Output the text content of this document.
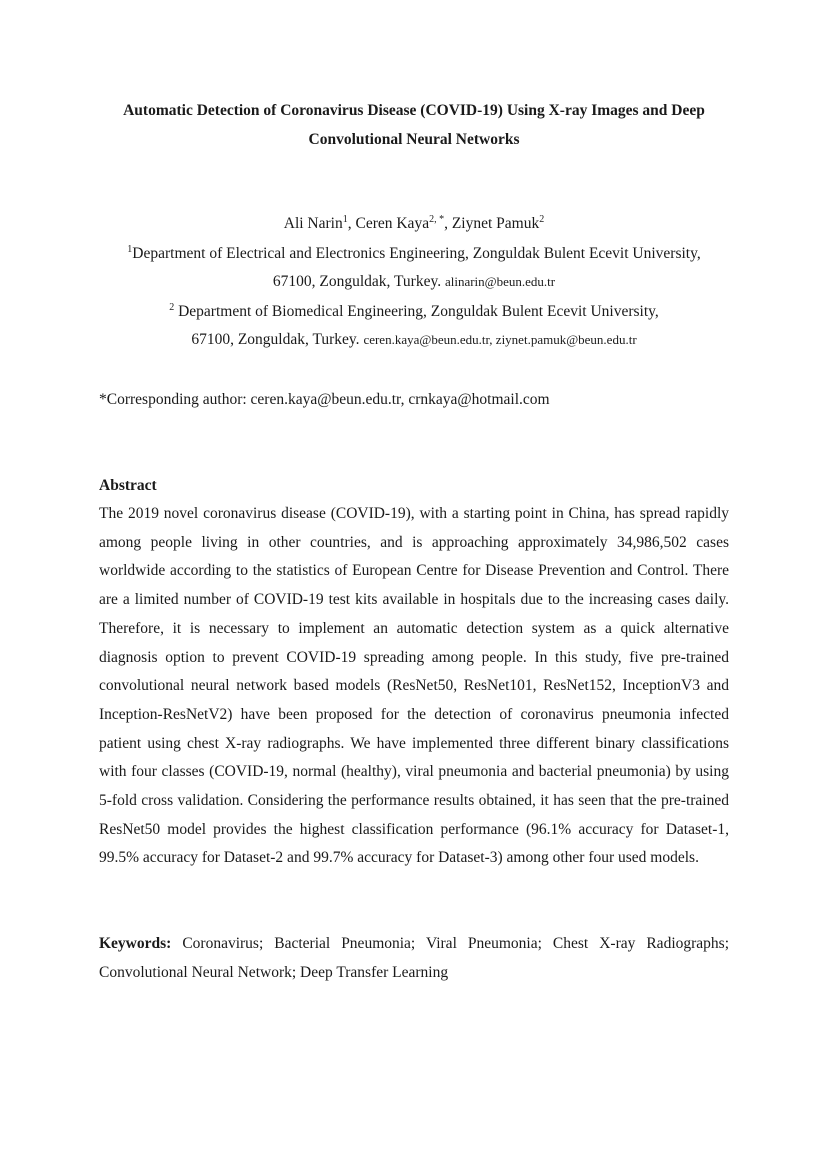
Automatic Detection of Coronavirus Disease (COVID-19) Using X-ray Images and Deep Convolutional Neural Networks
Ali Narin$^1$, Ceren Kaya$^{2, *}$, Ziynet Pamuk$^2$
$^1$Department of Electrical and Electronics Engineering, Zonguldak Bulent Ecevit University,
67100, Zonguldak, Turkey. alinarin@beun.edu.tr
$^2$ Department of Biomedical Engineering, Zonguldak Bulent Ecevit University,
67100, Zonguldak, Turkey. ceren.kaya@beun.edu.tr, ziynet.pamuk@beun.edu.tr
*Corresponding author: ceren.kaya@beun.edu.tr, crnkaya@hotmail.com
Abstract
The 2019 novel coronavirus disease (COVID-19), with a starting point in China, has spread rapidly among people living in other countries, and is approaching approximately 34,986,502 cases worldwide according to the statistics of European Centre for Disease Prevention and Control. There are a limited number of COVID-19 test kits available in hospitals due to the increasing cases daily. Therefore, it is necessary to implement an automatic detection system as a quick alternative diagnosis option to prevent COVID-19 spreading among people. In this study, five pre-trained convolutional neural network based models (ResNet50, ResNet101, ResNet152, InceptionV3 and Inception-ResNetV2) have been proposed for the detection of coronavirus pneumonia infected patient using chest X-ray radiographs. We have implemented three different binary classifications with four classes (COVID-19, normal (healthy), viral pneumonia and bacterial pneumonia) by using 5-fold cross validation. Considering the performance results obtained, it has seen that the pre-trained ResNet50 model provides the highest classification performance (96.1% accuracy for Dataset-1, 99.5% accuracy for Dataset-2 and 99.7% accuracy for Dataset-3) among other four used models.
Keywords: Coronavirus; Bacterial Pneumonia; Viral Pneumonia; Chest X-ray Radiographs; Convolutional Neural Network; Deep Transfer Learning
